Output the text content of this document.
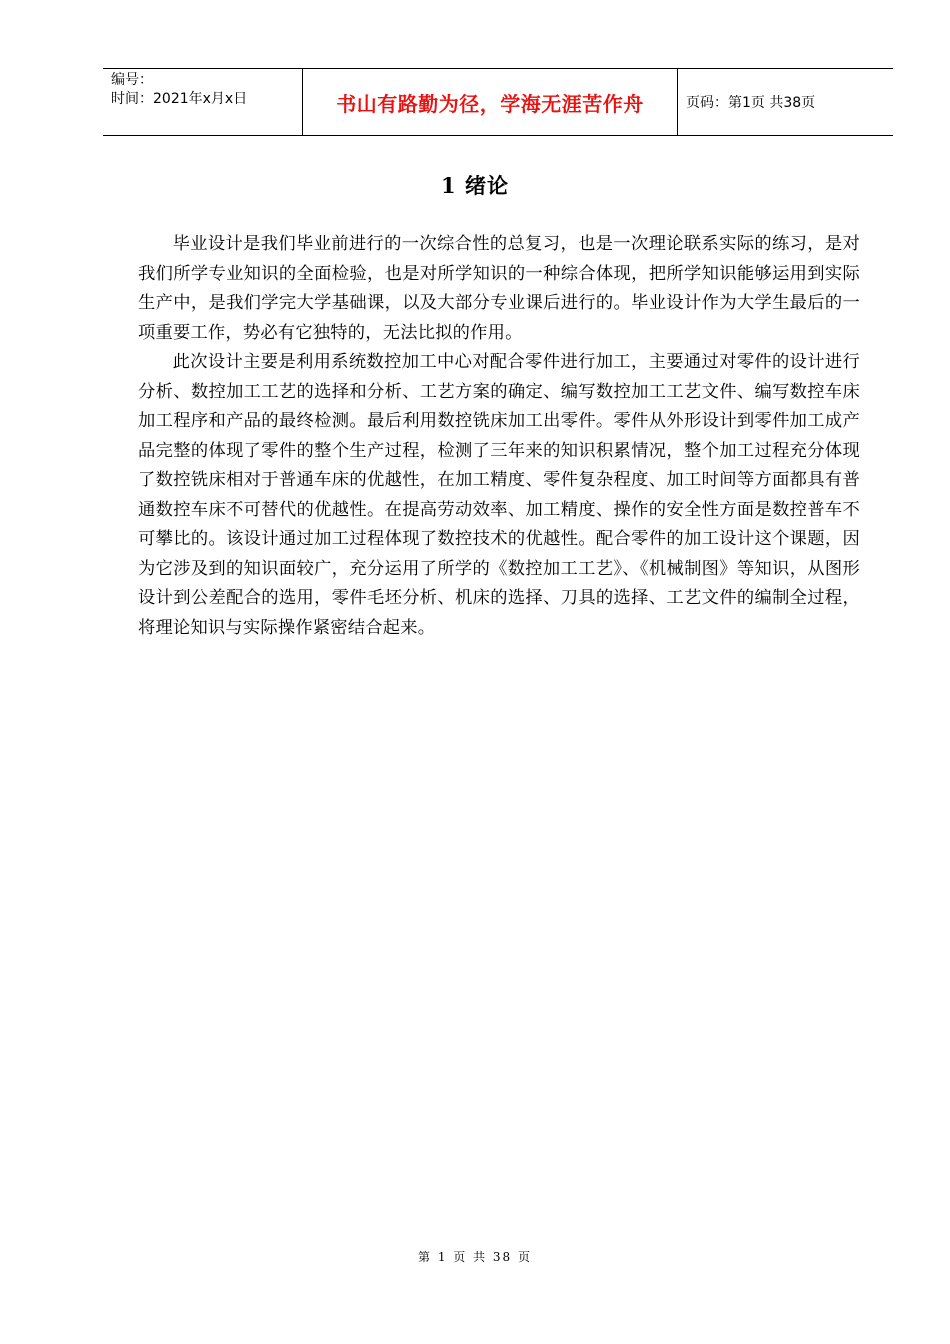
编号：
时间：2021年x月x日	书山有路勤为径，学海无涯苦作舟	页码：第1页 共38页
1 绪论

毕业设计是我们毕业前进行的一次综合性的总复习，也是一次理论联系实际的练习，是对我们所学专业知识的全面检验，也是对所学知识的一种综合体现，把所学知识能够运用到实际生产中，是我们学完大学基础课，以及大部分专业课后进行的。毕业设计作为大学生最后的一项重要工作，势必有它独特的，无法比拟的作用。

此次设计主要是利用系统数控加工中心对配合零件进行加工，主要通过对零件的设计进行分析、数控加工工艺的选择和分析、工艺方案的确定、编写数控加工工艺文件、编写数控车床加工程序和产品的最终检测。最后利用数控铣床加工出零件。零件从外形设计到零件加工成产品完整的体现了零件的整个生产过程，检测了三年来的知识积累情况，整个加工过程充分体现了数控铣床相对于普通车床的优越性，在加工精度、零件复杂程度、加工时间等方面都具有普通数控车床不可替代的优越性。在提高劳动效率、加工精度、操作的安全性方面是数控普车不可攀比的。该设计通过加工过程体现了数控技术的优越性。配合零件的加工设计这个课题，因为它涉及到的知识面较广，充分运用了所学的《数控加工工艺》、《机械制图》等知识，从图形设计到公差配合的选用，零件毛坯分析、机床的选择、刀具的选择、工艺文件的编制全过程，将理论知识与实际操作紧密结合起来。

第 1 页 共 38 页
